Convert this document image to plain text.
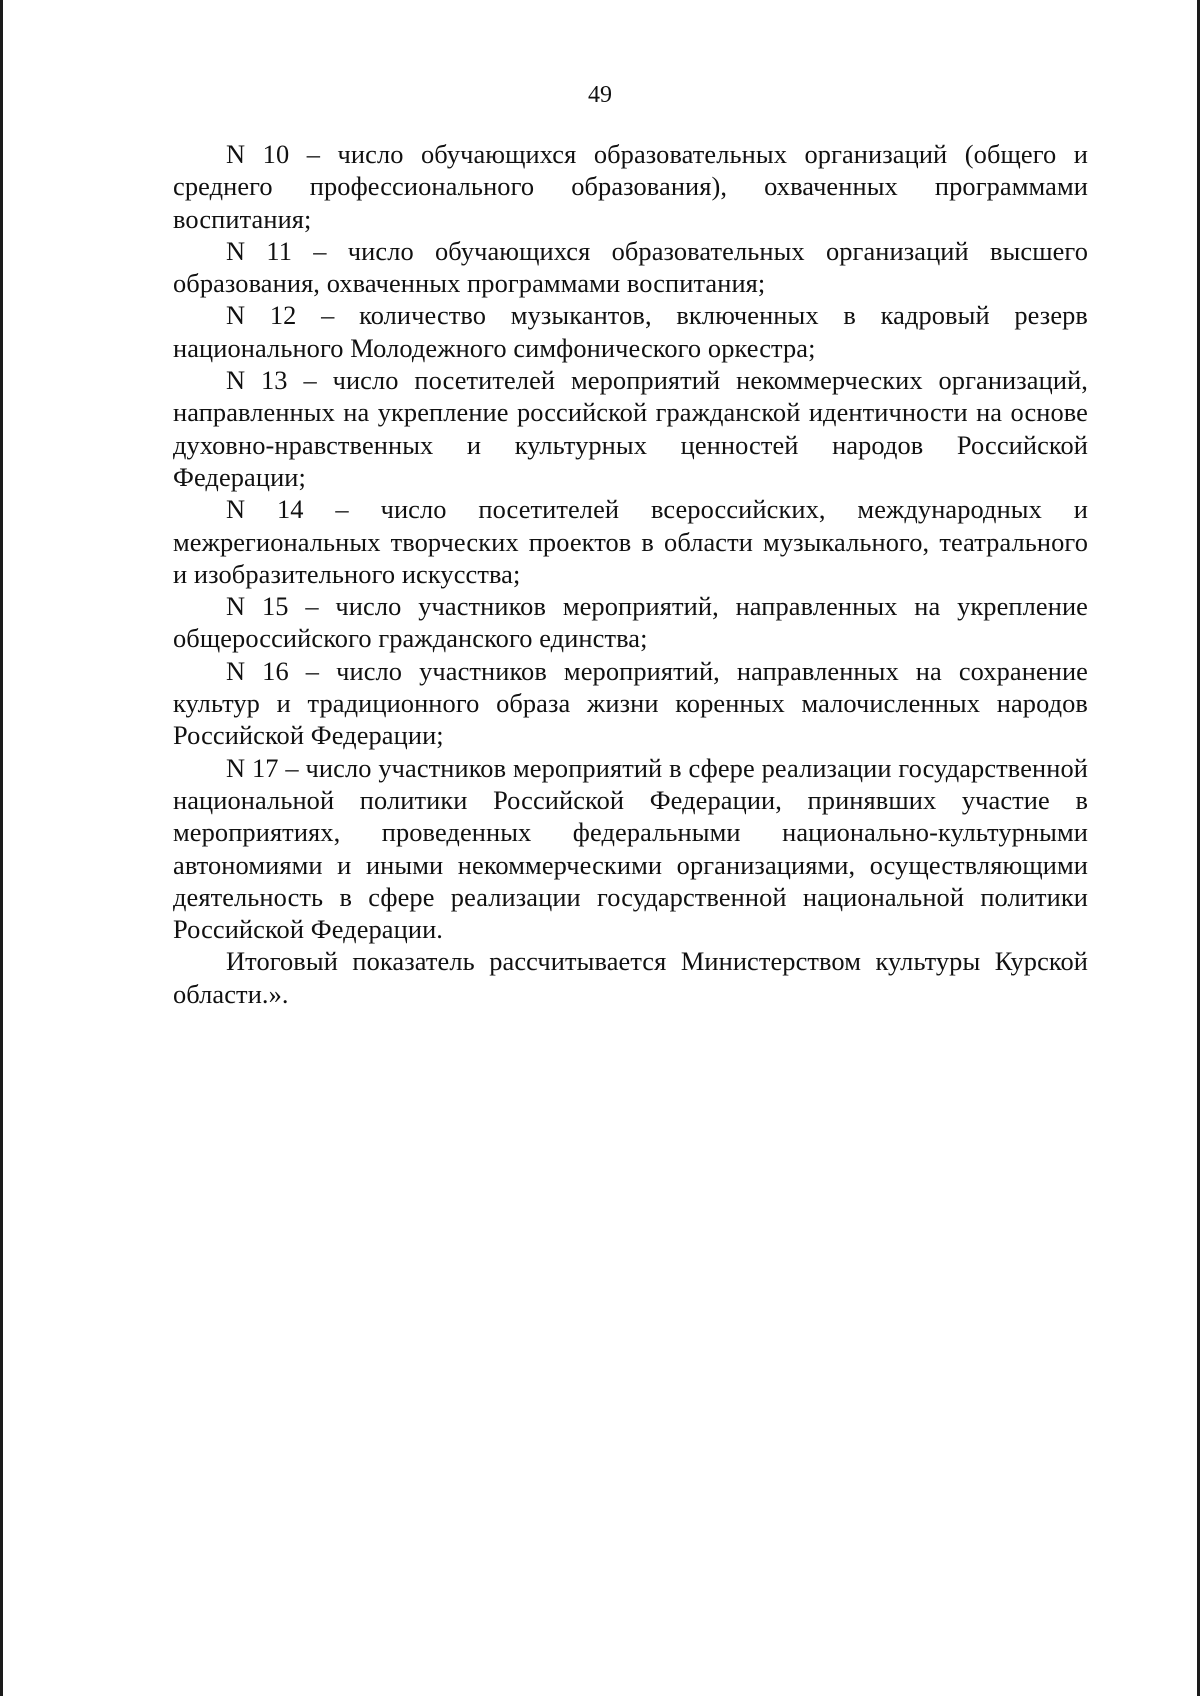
49

N 10 – число обучающихся образовательных организаций (общего и среднего профессионального образования), охваченных программами воспитания;

N 11 – число обучающихся образовательных организаций высшего образования, охваченных программами воспитания;

N 12 – количество музыкантов, включенных в кадровый резерв национального Молодежного симфонического оркестра;

N 13 – число посетителей мероприятий некоммерческих организаций, направленных на укрепление российской гражданской идентичности на основе духовно-нравственных и культурных ценностей народов Российской Федерации;

N 14 – число посетителей всероссийских, международных и межрегиональных творческих проектов в области музыкального, театрального и изобразительного искусства;

N 15 – число участников мероприятий, направленных на укрепление общероссийского гражданского единства;

N 16 – число участников мероприятий, направленных на сохранение культур и традиционного образа жизни коренных малочисленных народов Российской Федерации;

N 17 – число участников мероприятий в сфере реализации государственной национальной политики Российской Федерации, принявших участие в мероприятиях, проведенных федеральными национально-культурными автономиями и иными некоммерческими организациями, осуществляющими деятельность в сфере реализации государственной национальной политики Российской Федерации.

Итоговый показатель рассчитывается Министерством культуры Курской области.».
